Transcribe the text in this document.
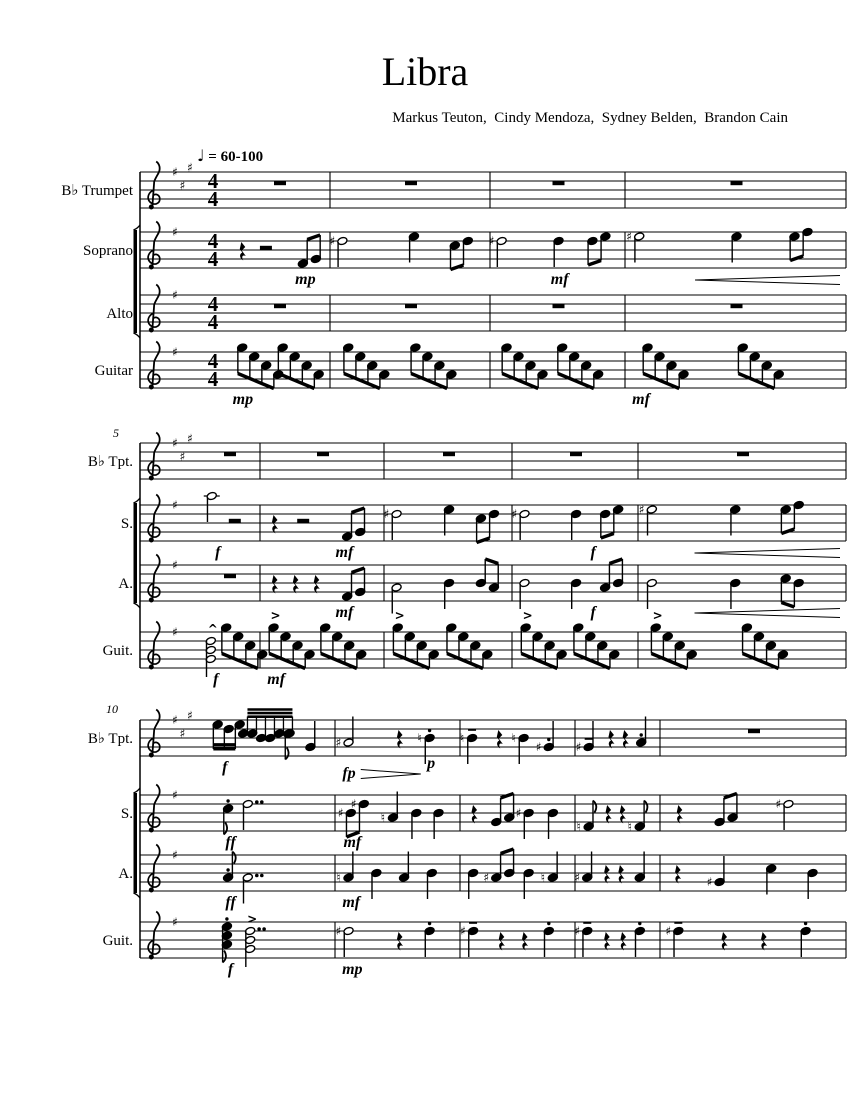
Libra
Markus Teuton,  Cindy Mendoza,  Sydney Belden,  Brandon Cain
♩ = 60-100
B♭ Trumpet
♯
♯
♯
4
4
Soprano
♯ 4
4
mp
♯	♯
mf
♯
Alto
♯ 4
4
Guitar
♯ 4
4
mp	mf
5
B♭ Tpt.
♯
♯
♯
S.
♯
f	mf
♯	♯
f
♯
A.
♯
mf	f
Guit.
♯ ^
f
>
mf
>	>	>
10
B♭ Tpt.
♯
♯
♯
f
♯	♮
fp
p
♮	♮
♯	♯
S.
♯
ff
♯
♯
♮
mf
♯
♮	♮
♯
A.
♯
ff
♮
mf
♯	♮ ♯	♯
Guit.
♯	>
f
♯
mp
♯	♯	♯
